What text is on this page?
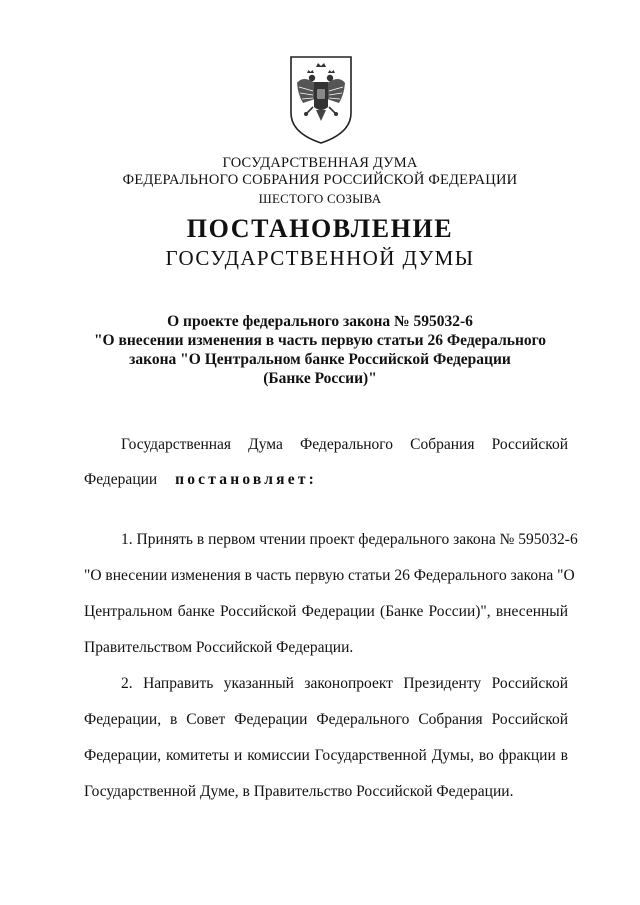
ГОСУДАРСТВЕННАЯ ДУМА
ФЕДЕРАЛЬНОГО СОБРАНИЯ РОССИЙСКОЙ ФЕДЕРАЦИИ
ШЕСТОГО СОЗЫВА
ПОСТАНОВЛЕНИЕ
ГОСУДАРСТВЕННОЙ ДУМЫ
О проекте федерального закона № 595032-6
"О внесении изменения в часть первую статьи 26 Федерального
закона "О Центральном банке Российской Федерации
(Банке России)"
Государственная Дума Федерального Собрания Российской
Федерации постановляет:
1. Принять в первом чтении проект федерального закона № 595032-6
"О внесении изменения в часть первую статьи 26 Федерального закона "О
Центральном банке Российской Федерации (Банке России)", внесенный
Правительством Российской Федерации.
2. Направить указанный законопроект Президенту Российской
Федерации, в Совет Федерации Федерального Собрания Российской
Федерации, комитеты и комиссии Государственной Думы, во фракции в
Государственной Думе, в Правительство Российской Федерации.
